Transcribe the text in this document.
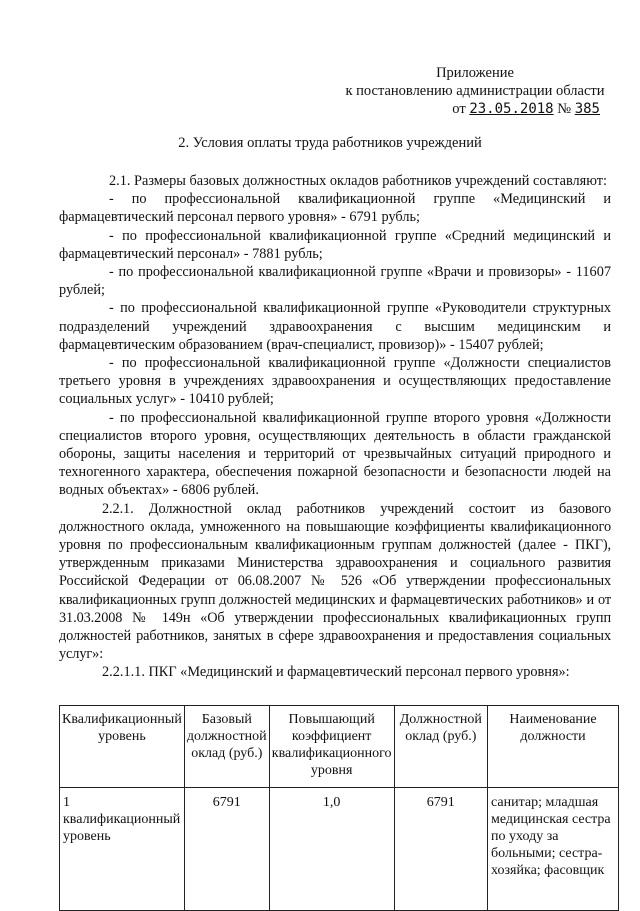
Приложение
к постановлению администрации области
от 23.05.2018 № 385
2. Условия оплаты труда работников учреждений

2.1. Размеры базовых должностных окладов работников учреждений составляют:

- по профессиональной квалификационной группе «Медицинский и фармацевтический персонал первого уровня» - 6791 рубль;

- по профессиональной квалификационной группе «Средний медицинский и фармацевтический персонал» - 7881 рубль;

- по профессиональной квалификационной группе «Врачи и провизоры» - 11607 рублей;

- по профессиональной квалификационной группе «Руководители структурных подразделений учреждений здравоохранения с высшим медицинским и фармацевтическим образованием (врач-специалист, провизор)» - 15407 рублей;

- по профессиональной квалификационной группе «Должности специалистов третьего уровня в учреждениях здравоохранения и осуществляющих предоставление социальных услуг» - 10410 рублей;

- по профессиональной квалификационной группе второго уровня «Должности специалистов второго уровня, осуществляющих деятельность в области гражданской обороны, защиты населения и территорий от чрезвычайных ситуаций природного и техногенного характера, обеспечения пожарной безопасности и безопасности людей на водных объектах» - 6806 рублей.

2.2.1. Должностной оклад работников учреждений состоит из базового должностного оклада, умноженного на повышающие коэффициенты квалификационного уровня по профессиональным квалификационным группам должностей (далее - ПКГ), утвержденным приказами Министерства здравоохранения и социального развития Российской Федерации от 06.08.2007 № 526 «Об утверждении профессиональных квалификационных групп должностей медицинских и фармацевтических работников» и от 31.03.2008 № 149н «Об утверждении профессиональных квалификационных групп должностей работников, занятых в сфере здравоохранения и предоставления социальных услуг»:

2.2.1.1. ПКГ «Медицинский и фармацевтический персонал первого уровня»:

Квалификационный уровень	Базовый должностной оклад (руб.)	Повышающий коэффициент квалификационного уровня	Должностной оклад (руб.)	Наименование должности
1 квалификационный уровень	6791	1,0	6791	санитар; младшая медицинская сестра по уходу за больными; сестра-хозяйка; фасовщик
